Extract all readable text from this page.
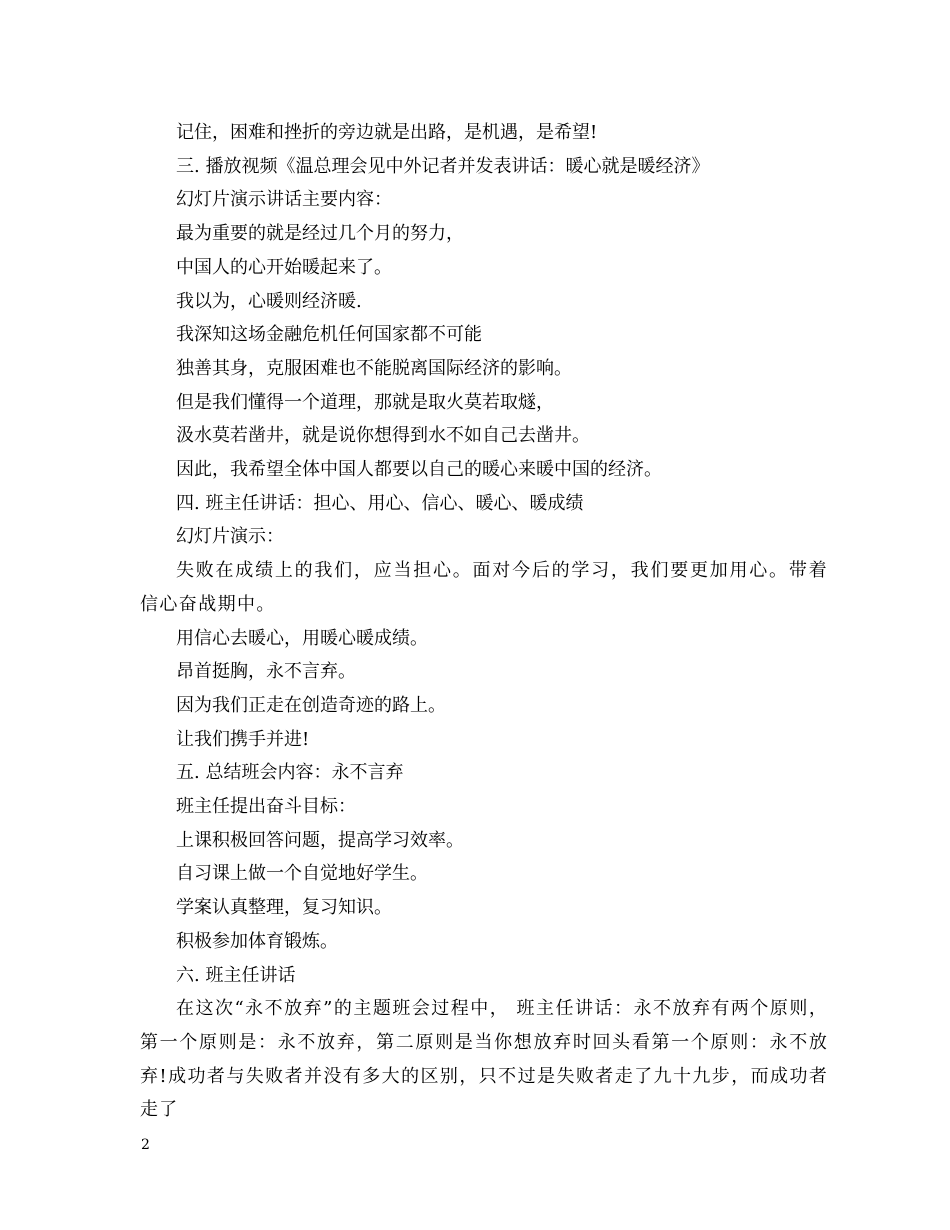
记住，困难和挫折的旁边就是出路，是机遇，是希望!

三. 播放视频《温总理会见中外记者并发表讲话：暖心就是暖经济》

幻灯片演示讲话主要内容：

最为重要的就是经过几个月的努力，

中国人的心开始暖起来了。

我以为，心暖则经济暖.

我深知这场金融危机任何国家都不可能

独善其身，克服困难也不能脱离国际经济的影响。

但是我们懂得一个道理，那就是取火莫若取燧，

汲水莫若凿井，就是说你想得到水不如自己去凿井。

因此，我希望全体中国人都要以自己的暖心来暖中国的经济。

四. 班主任讲话：担心、用心、信心、暖心、暖成绩

幻灯片演示：

失败在成绩上的我们，应当担心。面对今后的学习，我们要更加用心。带着信心奋战期中。

用信心去暖心，用暖心暖成绩。

昂首挺胸，永不言弃。

因为我们正走在创造奇迹的路上。

让我们携手并进!

五. 总结班会内容：永不言弃

班主任提出奋斗目标：

上课积极回答问题，提高学习效率。

自习课上做一个自觉地好学生。

学案认真整理，复习知识。

积极参加体育锻炼。

六. 班主任讲话

在这次“永不放弃”的主题班会过程中， 班主任讲话：永不放弃有两个原则，第一个原则是：永不放弃，第二原则是当你想放弃时回头看第一个原则：永不放弃!成功者与失败者并没有多大的区别，只不过是失败者走了九十九步，而成功者走了

2
